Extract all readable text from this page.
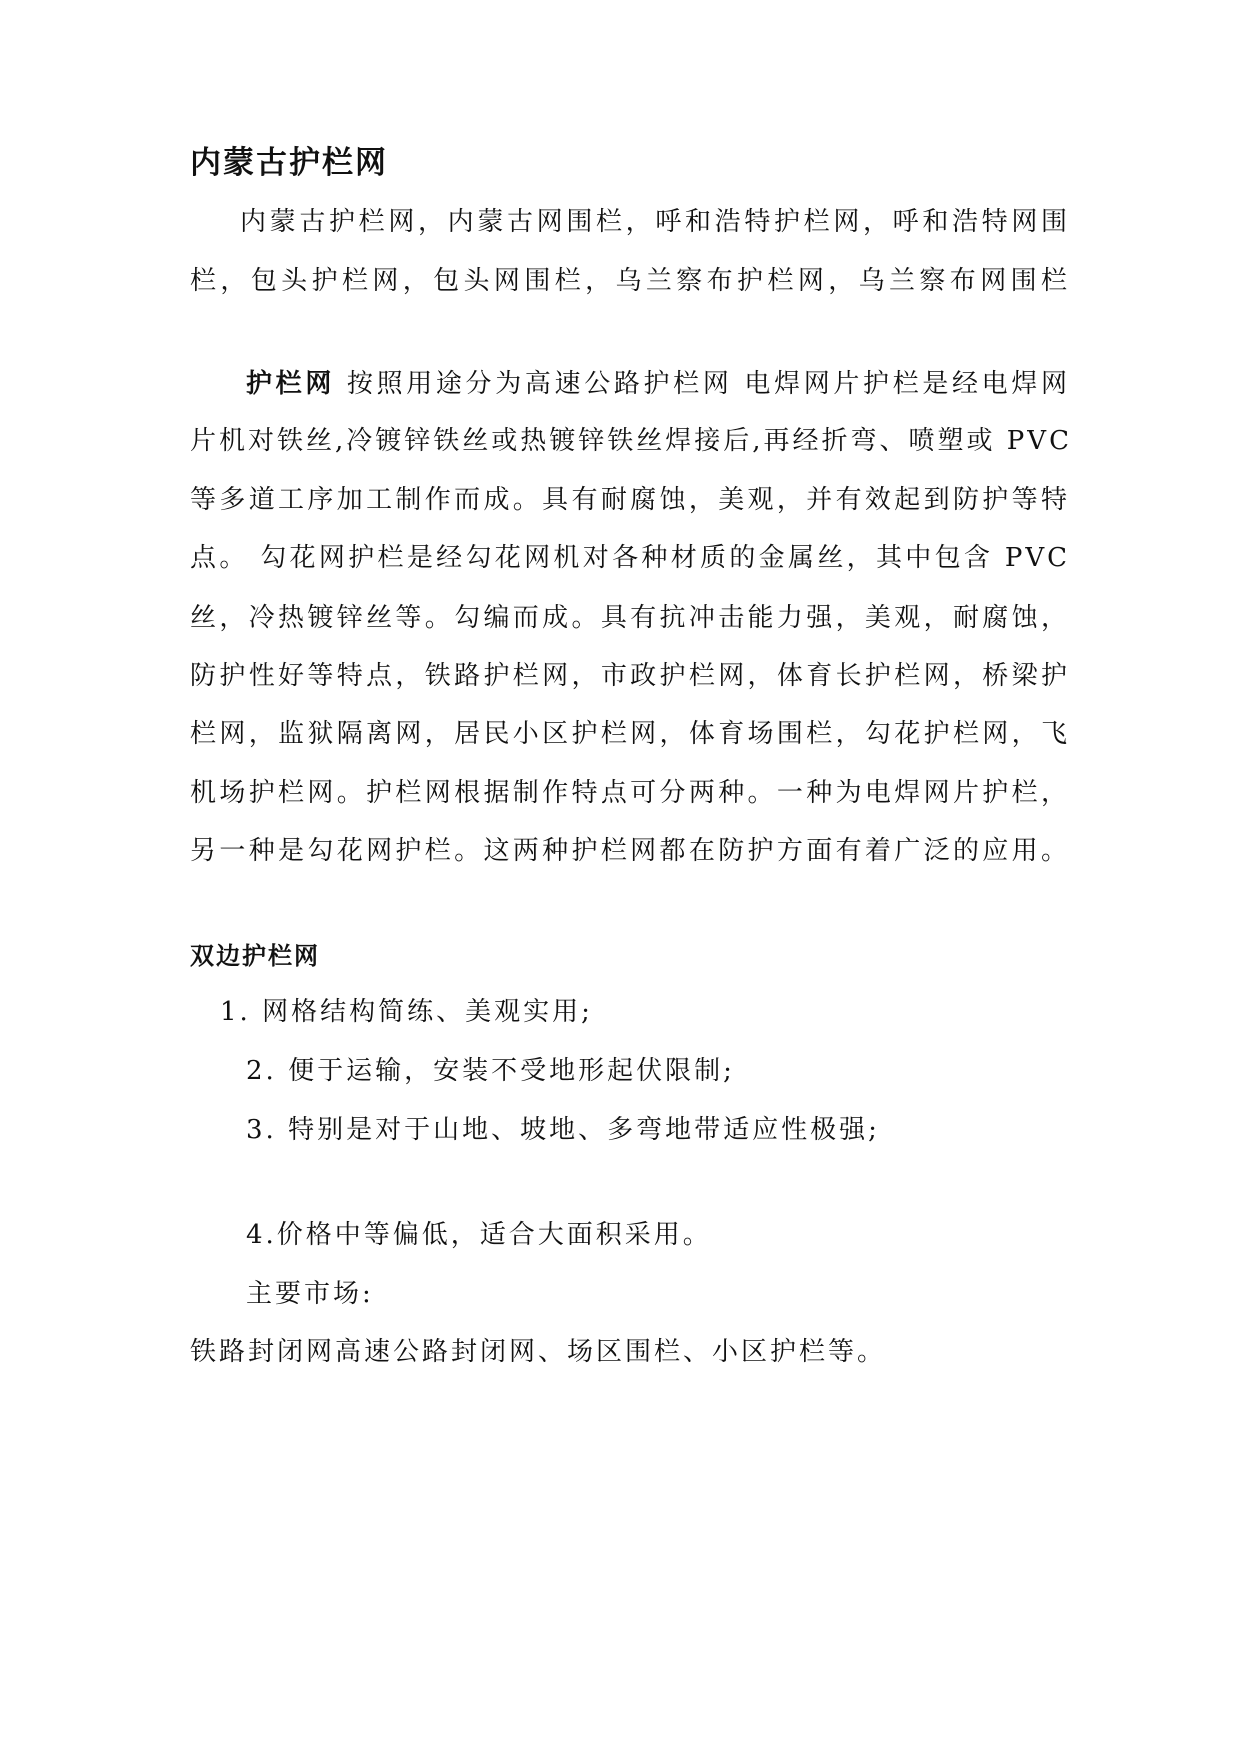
内蒙古护栏网
内蒙古护栏网，内蒙古网围栏，呼和浩特护栏网，呼和浩特网围
栏，包头护栏网，包头网围栏，乌兰察布护栏网，乌兰察布网围栏
护栏网 按照用途分为高速公路护栏网 电焊网片护栏是经电焊网
片机对铁丝,冷镀锌铁丝或热镀锌铁丝焊接后,再经折弯、喷塑或 PVC
等多道工序加工制作而成。具有耐腐蚀，美观，并有效起到防护等特
点。 勾花网护栏是经勾花网机对各种材质的金属丝，其中包含 PVC
丝，冷热镀锌丝等。勾编而成。具有抗冲击能力强，美观，耐腐蚀，
防护性好等特点，铁路护栏网，市政护栏网，体育长护栏网，桥梁护
栏网，监狱隔离网，居民小区护栏网，体育场围栏，勾花护栏网，飞
机场护栏网。护栏网根据制作特点可分两种。一种为电焊网片护栏，
另一种是勾花网护栏。这两种护栏网都在防护方面有着广泛的应用。
双边护栏网
1. 网格结构简练、美观实用;
2. 便于运输，安装不受地形起伏限制;
3. 特别是对于山地、坡地、多弯地带适应性极强;
4.价格中等偏低，适合大面积采用。
主要市场:
铁路封闭网高速公路封闭网、场区围栏、小区护栏等。
